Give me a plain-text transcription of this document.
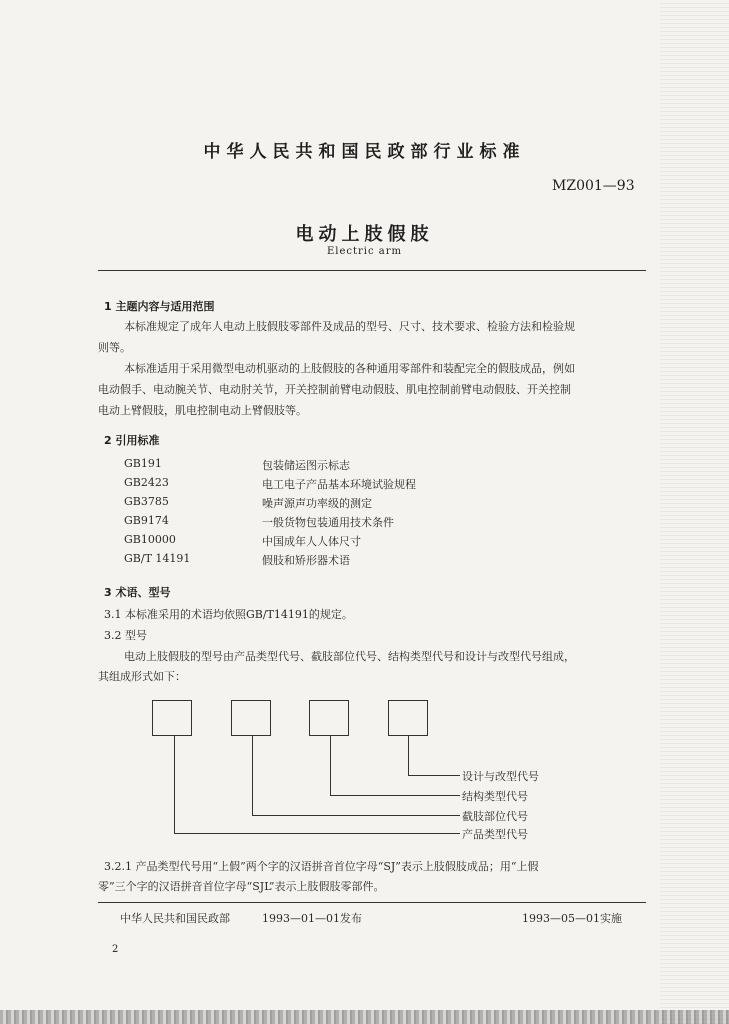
中华人民共和国民政部行业标准
MZ001—93
电动上肢假肢
Electric arm
1 主题内容与适用范围
本标准规定了成年人电动上肢假肢零部件及成品的型号、尺寸、技术要求、检验方法和检验规
则等。
本标准适用于采用微型电动机驱动的上肢假肢的各种通用零部件和装配完全的假肢成品，例如
电动假手、电动腕关节、电动肘关节，开关控制前臂电动假肢、肌电控制前臂电动假肢、开关控制
电动上臂假肢，肌电控制电动上臂假肢等。
2 引用标准
GB191	包装储运图示标志
GB2423	电工电子产品基本环境试验规程
GB3785	噪声源声功率级的测定
GB9174	一般货物包装通用技术条件
GB10000	中国成年人人体尺寸
GB/T 14191	假肢和矫形器术语
3 术语、型号
3.1 本标准采用的术语均依照GB/T14191的规定。
3.2 型号
电动上肢假肢的型号由产品类型代号、截肢部位代号、结构类型代号和设计与改型代号组成，
其组成形式如下：
设计与改型代号
结构类型代号
截肢部位代号
产品类型代号
3.2.1 产品类型代号用“上假”两个字的汉语拼音首位字母“SJ”表示上肢假肢成品；用“上假
零”三个字的汉语拼音首位字母“SJL”表示上肢假肢零部件。
中华人民共和国民政部	1993—01—01发布	1993—05—01实施
2
